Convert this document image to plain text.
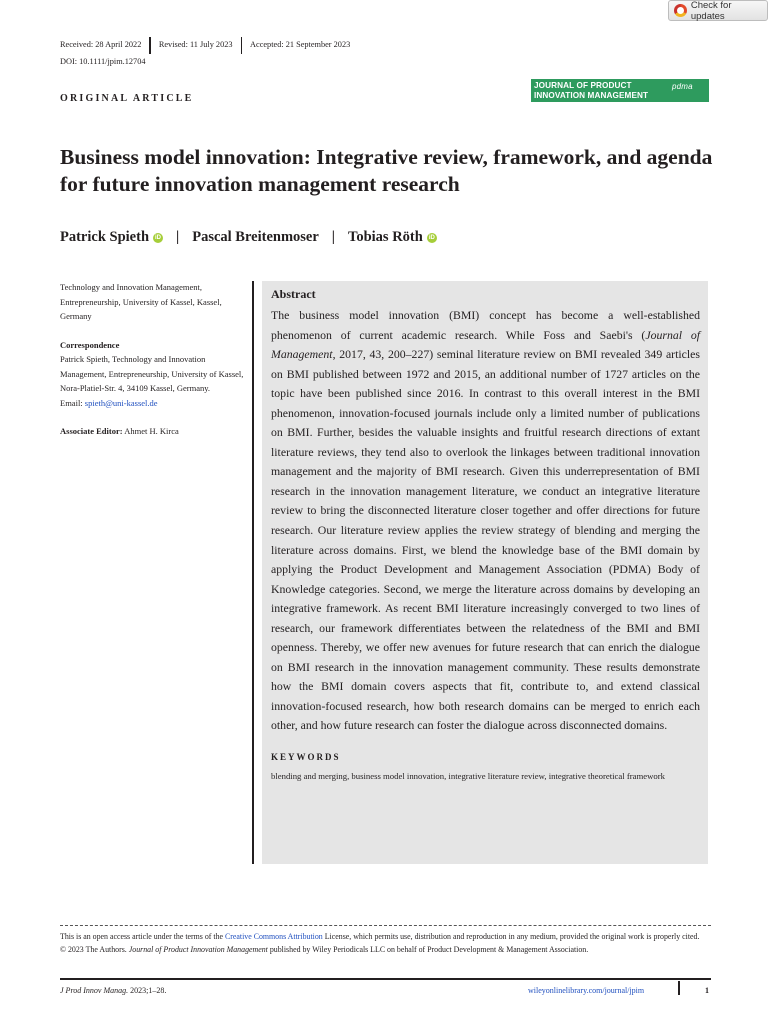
Check for updates
Received: 28 April 2022 Revised: 11 July 2023 Accepted: 21 September 2023
DOI: 10.1111/jpim.12704
ORIGINAL ARTICLE
JOURNAL OF PRODUCT
INNOVATION MANAGEMENT
pdma
Business model innovation: Integrative review, framework, and agenda for future innovation management research
Patrick Spieth	iD | Pascal Breitenmoser | Tobias Röth	iD
Technology and Innovation Management, Entrepreneurship, University of Kassel, Kassel, Germany
Correspondence
Patrick Spieth, Technology and Innovation Management, Entrepreneurship, University of Kassel, Nora-Platiel-Str. 4, 34109 Kassel, Germany.
Email: spieth@uni-kassel.de
Associate Editor: Ahmet H. Kirca
Abstract

The business model innovation (BMI) concept has become a well-established phenomenon of current academic research. While Foss and Saebi's (Journal of Management, 2017, 43, 200–227) seminal literature review on BMI revealed 349 articles on BMI published between 1972 and 2015, an additional number of 1727 articles on the topic have been published since 2016. In contrast to this overall interest in the BMI phenomenon, innovation-focused journals include only a limited number of publications on BMI. Further, besides the valuable insights and fruitful research directions of extant literature reviews, they tend also to overlook the linkages between traditional innovation management and the majority of BMI research. Given this underrepresentation of BMI research in the innovation management literature, we conduct an integrative literature review to bring the disconnected literature closer together and offer directions for future research. Our literature review applies the review strategy of blending and merging the literature across domains. First, we blend the knowledge base of the BMI domain by applying the Product Development and Management Association (PDMA) Body of Knowledge categories. Second, we merge the literature across domains by developing an integrative framework. As recent BMI literature increasingly converged to two lines of research, our framework differentiates between the relatedness of the BMI and BMI openness. Thereby, we offer new avenues for future research that can enrich the dialogue on BMI research in the innovation management community. These results demonstrate how the BMI domain covers aspects that fit, contribute to, and extend classical innovation-focused research, how both research domains can be merged to enrich each other, and how future research can foster the dialogue across disconnected domains.

KEYWORDS
blending and merging, business model innovation, integrative literature review, integrative theoretical framework
This is an open access article under the terms of the Creative Commons Attribution License, which permits use, distribution and reproduction in any medium, provided the original work is properly cited.
© 2023 The Authors. Journal of Product Innovation Management published by Wiley Periodicals LLC on behalf of Product Development & Management Association.
J Prod Innov Manag. 2023;1–28.	wileyonlinelibrary.com/journal/jpim	1
